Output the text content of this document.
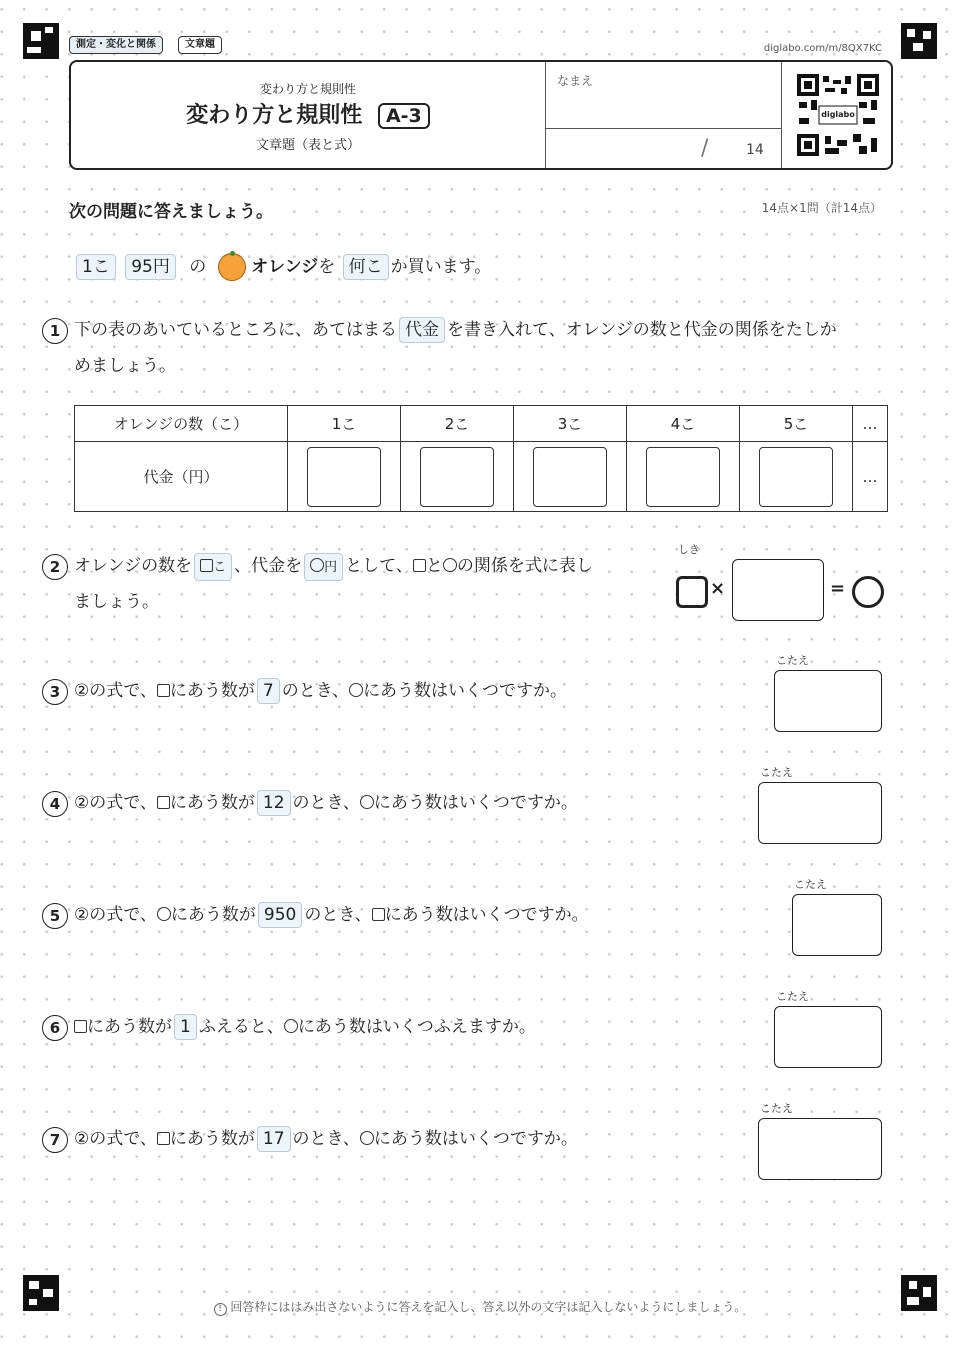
測定・変化と関係	文章題	diglabo.com/m/8QX7KC
変わり方と規則性
変わり方と規則性 A-3
文章題（表と式）
なまえ
/	14
diglabo
次の問題に答えましょう。	14点×1問（計14点）
1こ 95円 の	オレンジを 何こ か買います。
1 下の表のあいているところに、あてはまる 代金 を書き入れて、オレンジの数と代金の関係をたしか
めましょう。
オレンジの数（こ）	1こ	2こ	3こ	4こ	5こ	…
代金（円）						…
2 オレンジの数を こ 、代金を 円 として、 と の関係を式に表し
ましょう。
しき
×	=
3 ②の式で、 にあう数が 7 のとき、 にあう数はいくつですか。
こたえ
4 ②の式で、 にあう数が 12 のとき、 にあう数はいくつですか。
こたえ
5 ②の式で、 にあう数が 950 のとき、 にあう数はいくつですか。
こたえ
6	にあう数が 1 ふえると、 にあう数はいくつふえますか。
こたえ
7 ②の式で、 にあう数が 17 のとき、 にあう数はいくつですか。
こたえ
! 回答枠にははみ出さないように答えを記入し、答え以外の文字は記入しないようにしましょう。
